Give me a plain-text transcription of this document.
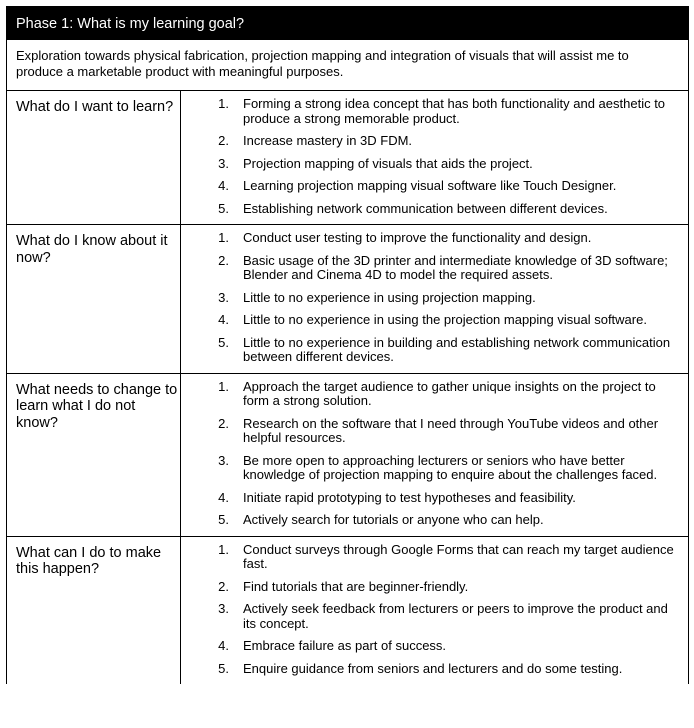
Phase 1: What is my learning goal?
Exploration towards physical fabrication, projection mapping and integration of visuals that will assist me to produce a marketable product with meaningful purposes.
What do I want to learn?	1.	Forming a strong idea concept that has both functionality and aesthetic to produce a strong memorable product.
2.	Increase mastery in 3D FDM.
3.	Projection mapping of visuals that aids the project.
4.	Learning projection mapping visual software like Touch Designer.
5.	Establishing network communication between different devices.
What do I know about it now?
1.	Conduct user testing to improve the functionality and design.
2.	Basic usage of the 3D printer and intermediate knowledge of 3D software; Blender and Cinema 4D to model the required assets.
3.	Little to no experience in using projection mapping.
4.	Little to no experience in using the projection mapping visual software.
5.	Little to no experience in building and establishing network communication between different devices.
What needs to change to learn what I do not know?
1.	Approach the target audience to gather unique insights on the project to form a strong solution.
2.	Research on the software that I need through YouTube videos and other helpful resources.
3.	Be more open to approaching lecturers or seniors who have better knowledge of projection mapping to enquire about the challenges faced.
4.	Initiate rapid prototyping to test hypotheses and feasibility.
5.	Actively search for tutorials or anyone who can help.
What can I do to make this happen?
1.	Conduct surveys through Google Forms that can reach my target audience fast.
2.	Find tutorials that are beginner-friendly.
3.	Actively seek feedback from lecturers or peers to improve the product and its concept.
4.	Embrace failure as part of success.
5.	Enquire guidance from seniors and lecturers and do some testing.
